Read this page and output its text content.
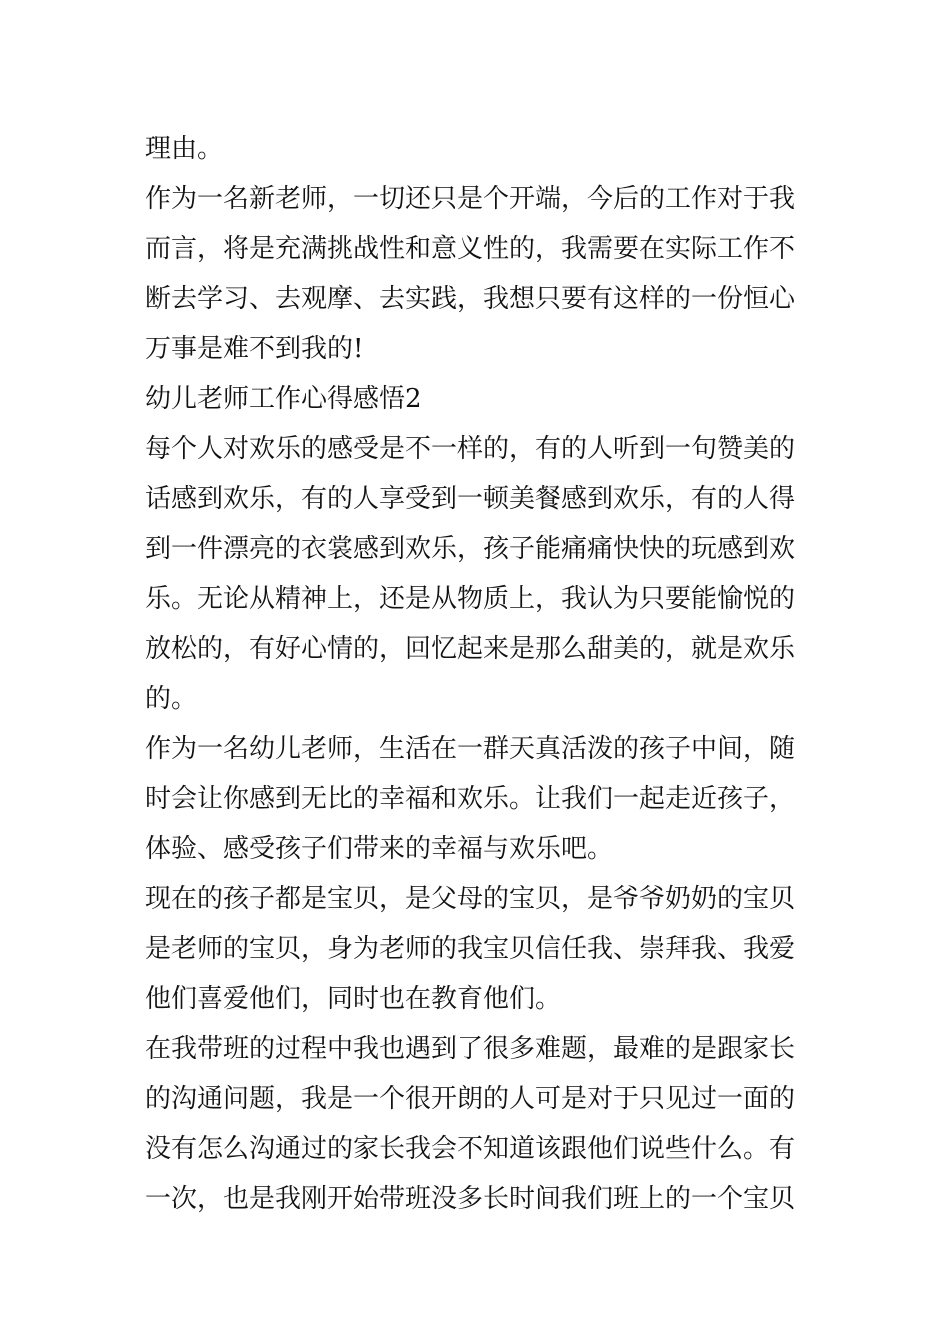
理由。
作为一名新老师，一切还只是个开端，今后的工作对于我
而言，将是充满挑战性和意义性的，我需要在实际工作不
断去学习、去观摩、去实践，我想只要有这样的一份恒心
万事是难不到我的!
幼儿老师工作心得感悟2
每个人对欢乐的感受是不一样的，有的人听到一句赞美的
话感到欢乐，有的人享受到一顿美餐感到欢乐，有的人得
到一件漂亮的衣裳感到欢乐，孩子能痛痛快快的玩感到欢
乐。无论从精神上，还是从物质上，我认为只要能愉悦的
放松的，有好心情的，回忆起来是那么甜美的，就是欢乐
的。
作为一名幼儿老师，生活在一群天真活泼的孩子中间，随
时会让你感到无比的幸福和欢乐。让我们一起走近孩子，
体验、感受孩子们带来的幸福与欢乐吧。
现在的孩子都是宝贝，是父母的宝贝，是爷爷奶奶的宝贝
是老师的宝贝，身为老师的我宝贝信任我、崇拜我、我爱
他们喜爱他们，同时也在教育他们。
在我带班的过程中我也遇到了很多难题，最难的是跟家长
的沟通问题，我是一个很开朗的人可是对于只见过一面的
没有怎么沟通过的家长我会不知道该跟他们说些什么。有
一次，也是我刚开始带班没多长时间我们班上的一个宝贝
